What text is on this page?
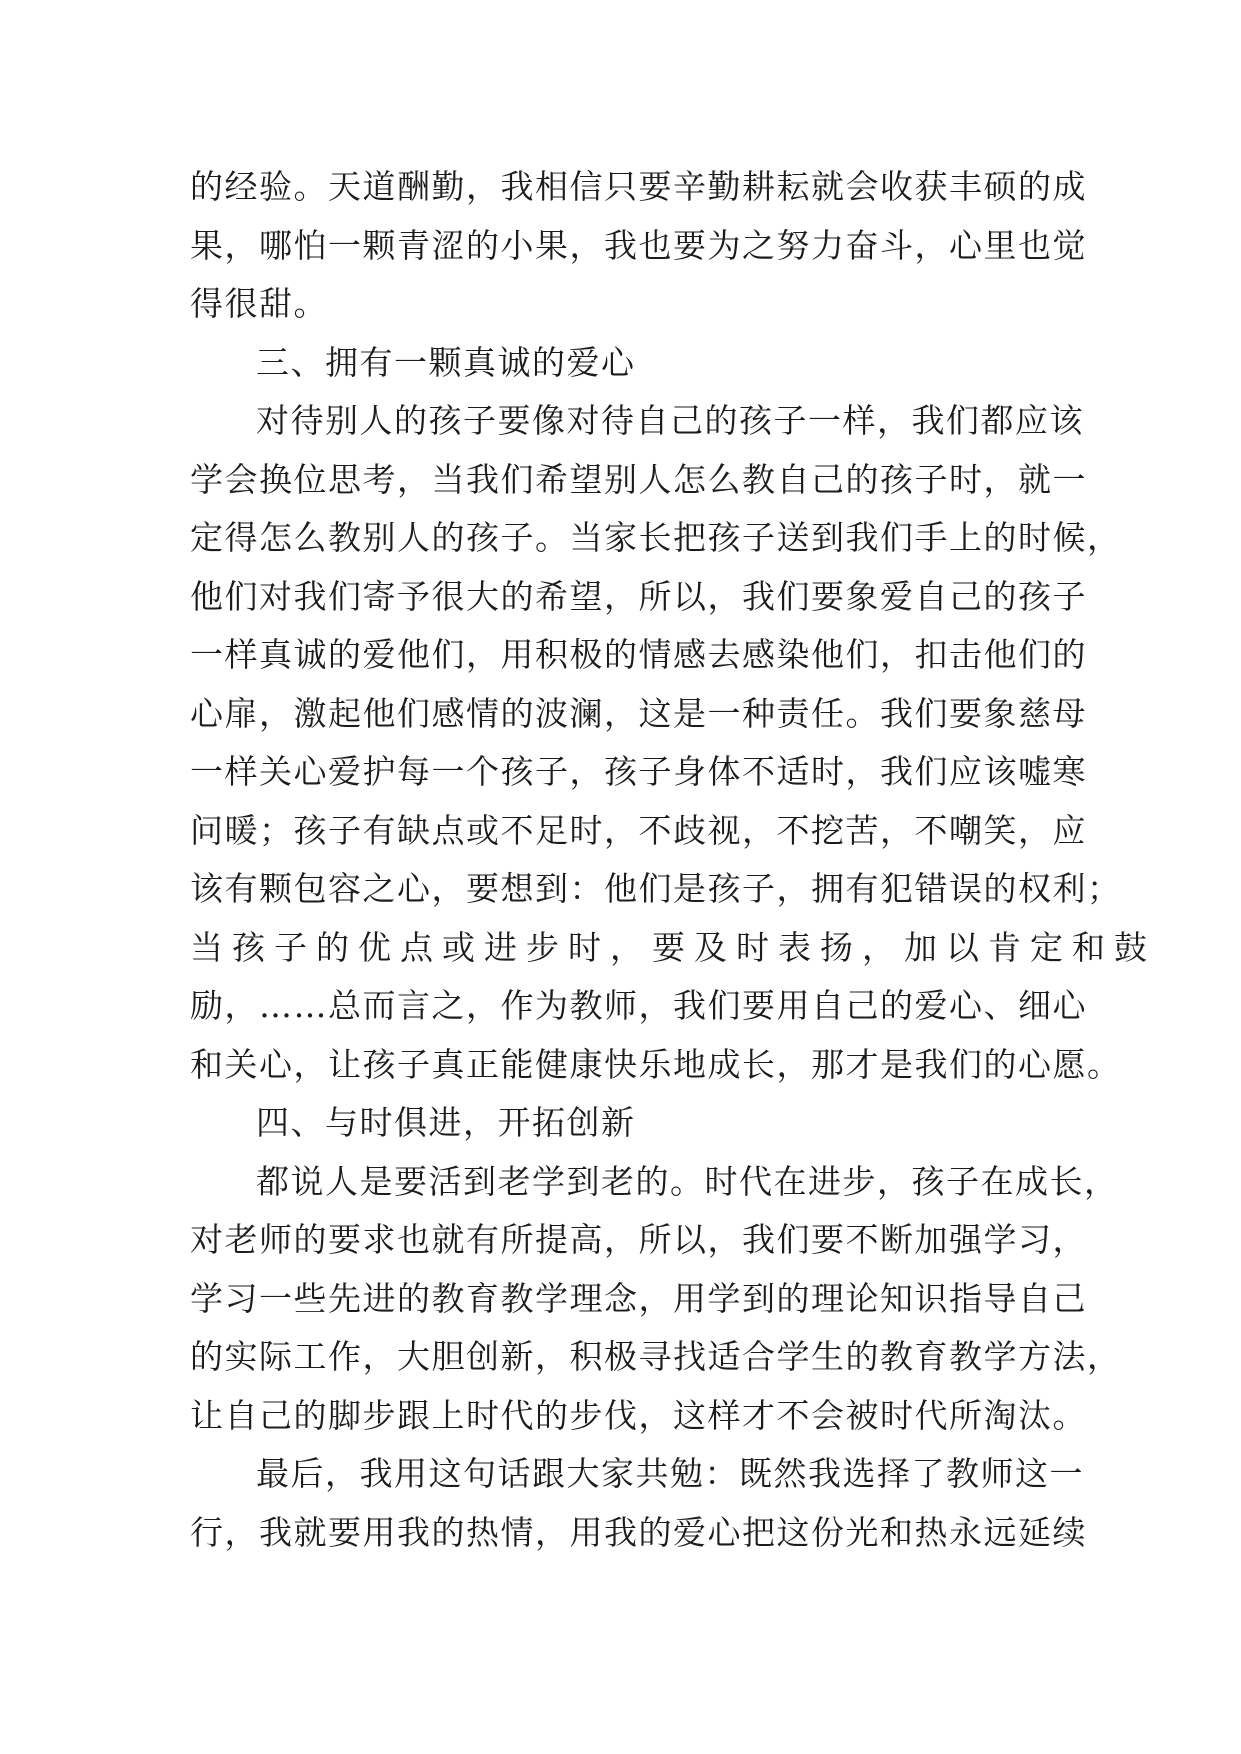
的经验。天道酬勤，我相信只要辛勤耕耘就会收获丰硕的成
果，哪怕一颗青涩的小果，我也要为之努力奋斗，心里也觉
得很甜。

三、拥有一颗真诚的爱心

对待别人的孩子要像对待自己的孩子一样，我们都应该
学会换位思考，当我们希望别人怎么教自己的孩子时，就一
定得怎么教别人的孩子。当家长把孩子送到我们手上的时候，
他们对我们寄予很大的希望，所以，我们要象爱自己的孩子
一样真诚的爱他们，用积极的情感去感染他们，扣击他们的
心扉，激起他们感情的波澜，这是一种责任。我们要象慈母
一样关心爱护每一个孩子，孩子身体不适时，我们应该嘘寒
问暖；孩子有缺点或不足时，不歧视，不挖苦，不嘲笑，应
该有颗包容之心，要想到：他们是孩子，拥有犯错误的权利；
当孩子的优点或进步时，要及时表扬，加以肯定和鼓
励，……总而言之，作为教师，我们要用自己的爱心、细心
和关心，让孩子真正能健康快乐地成长，那才是我们的心愿。

四、与时俱进，开拓创新

都说人是要活到老学到老的。时代在进步，孩子在成长，
对老师的要求也就有所提高，所以，我们要不断加强学习，
学习一些先进的教育教学理念，用学到的理论知识指导自己
的实际工作，大胆创新，积极寻找适合学生的教育教学方法，
让自己的脚步跟上时代的步伐，这样才不会被时代所淘汰。

最后，我用这句话跟大家共勉：既然我选择了教师这一
行，我就要用我的热情，用我的爱心把这份光和热永远延续
